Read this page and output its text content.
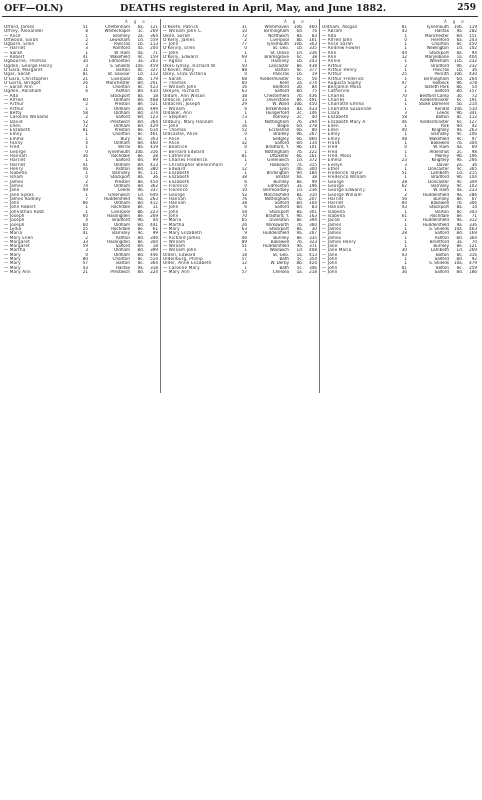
OFF—OLN)	DEATHS registered in April, May, and June 1882.	259
Age.
Offord, James	51	Cheltenham	6a.	121
Offrey, Alexander	8	Whitechapel	1c.	269
— Alice	1	Bromley	2a.	364
Offwood, Sarah	2	Lewisham	1d.	559
Ogborn, Ellen	2	Pancras	1b.	113
— Harriet	3	Romford	4a.	204
— Sarah	1	W. Ham	4a.	71
— Robert	41	Wakefield	9c.	159
Ogbourne, Thomas	30	Edmonton	3a.	203
Ogden, George Henry	3	S. Shields	10a.	459
O'Gara, Margaret	31	Barton	8c.	327
Ogar, Sarah	81	St. Saviour	1d.	112
O'Gara, Christopher	21	Liverpool	8b.	179
O'Garra, Bridget	26	Manchester	8d.	201
— Sarah Ann	1	Chorlton	8c.	423
Ogden, Abraham	6	Ashton	8d.	410
— Ada	Stockport	8a.	18
— Alfred	60	Oldham	8d.	468
— Arthur	2	Preston	8e.	521
— Arthur	1	Oldham	8d.	499
— Betty	58	Oldham	8d.	374
— Caroline Williams	2	Salford	8d.	123
— David	52	Prestwich	8d.	364
— Ellen	72	Oldham	8d.	429
— Elizabeth	81	Preston	8e.	614
— Emily	1	Chorlton	8c.	461
— Emma	1	Bury	8c.	303
— Fanny	4	Oldham	8d.	460
— Fred	1	Wirral	8a.	419
— George	0	Tynemouth	10b.	316
— Hannah	36	Rochdale	8e.	28
— Harriet	1	Salford	8d.	99
— Harriet	41	Oldham	8d.	413
— Henry	46	Ashton	8d.	380
— Isabella	1	Barnsley	9c.	111
— Isham	0	Stockport	8a.	36
— James	2	Preston	8e.	454
— James	74	Oldham	8d.	362
— Jane	49	Leeds	9b.	337
— Jane Sykes	1	Greenwich	1d.	649
— James Rodney	7	Huddersfield	9a.	263
— John	86	Oldham	8d.	412
— John Robert	1	Rochdale	8e.	11
— Johnathan Robt.	1	Liverpool	8b.	223
— Joseph	60	Haslingden	8e.	269
— Joseph	4	Bradford	9b.	44
— Joseph	60	Oldham	8d.	441
— Lydia	25	Rochdale	8e.	61
— Maria	41	Barnsley	9c.	99
— Mary Ellen	2	Ashton	8d.	346
— Margaret	33	Haslingden	8e.	304
— Margaret	59	Salford	8d.	18
— Martha	3	Oldham	8d.	399
— Mary	0	Oldham	8d.	446
— Mary	80	Chorlton	8c.	514
— Mary	57	Barton	8c.	364
— Mary	43	Halifax	9a.	318
— Mary Ann	21	Prestwich	8d.	224
Age.
O'Keefe, Patrick	31	Whitehaven	10b.	460
— William John C.	10	Birmingham	6d.	76
Okell, Sarah	72	Northwich	8a.	83
O'Kelly, James	2	Liverpool	8b.	161
— John	77	Tynemouth	10b.	303
O'Kenny, Ellen	0	St. Geo.	1b.	335
— John	1	St. Olave	1d.	236
O'Kelly, Edward	69	Bromsgrove	6c.	38
— Agnes	1	Hackney	1b.	243
Okes-Tymay, Richard W.	50	Lancaster	8e.	438
O'Kever, Mary	88	Barton	8c.	377
Okey, Eliza Victoria	0	Pancras	1b.	19
— Sarah	68	Kidderminster	6c.	56
— Thomas	60	Kent	2a.	274
— William John	16	Bedford	3b.	84
Okeyes, Richard	63	Salford	8d.	75
Oldam, Ann Wilson	38	Chesterfield	7b.	436
Oldacre, John	33	Ulverstone	8e.	491
Oldacres, Joseph	29	W. Ward	10b.	450
— William	6	Birkenhead	8a.	433
Oldaker, Ann	1	Hungerford	2c.	146
— Stephen	73	Romsey	2c.	40
Oldbury, Mary Hannah	1	Nottingham	7b.	294
— John	16	Bogle	6d.	278
— Thomas	52	Eccleshall	6b.	80
Oldcastle, Alice	0	Bradley	9b.	267
— Alice	1	Sedgley	6b.	860
— Alice	32	Salford	8d.	134
— Beatrice	0	Bradford, Y.	9b.	101
— Bernard Edward	1	Nottingham	7b.	222
— Catherine	81	Uttoxeter	6b.	161
— Charles Frederick	1	Greenwich	1d.	372
— Christopher Blenkinhorn	7	Holbeach	7a.	315
— Edward	12	Lynn	4b.	300
— Elizabeth	1	Bridlington	9d.	184
— Elizabeth	38	Bristol	6a.	38
— Elizabeth	6	Burnley	8e.	99
— Florence	0	Edmonton	3a.	196
— Florence	10	Bermondsey	1d.	236
— George	52	Macclesfield	8a.	310
— Hannah	76	Nottingham	7b.	207
— Hannah	38	Salford	8d.	104
— John	6	Salford	8d.	83
— John	58	Stockport	8a.	301
— John	70	Bradford, Y.	9b.	163
— Maria	65	Ulverston	8e.	394
— Martha	26	Wirksworth	7b.	360
— Mary	63	Stockport	8a.	30
— Mary Elizabeth	9	Huddersfield	9a.	267
— Richard James	46	Burnley	8e.	335
— William	89	Bakewell	7b.	323
— William	51	Huddersfield	9a.	371
— William John	1	Woolwich	1d.	408
Olden, Edward	18	St. Geo.	1a.	413
Oldenburg, Phillip	57	Bath	5c.	354
Older, Anne Elizabeth	12	W. Derby	8b.	424
— Caroline Mary	1	Bath	5c.	346
— Mary Ann	57	Chelsea	1a.	218
Age.
Oldham, Abigail	81	Tynemouth	10b.	119
— Abram	43	Halifax	9a.	282
— Ada	1	Manchester	8d.	151
— Alfred John	0	Hereford	6a.	243
— Alice Sarah	1	Chorlton	8c.	450
— Andrew Fowler	1	Newington	1d.	102
— Ann	44	Stockport	8a.	94
— Ann	12	Marylebone	1a.	404
— Annie	1	Wrexham	11b.	232
— Arthur	2	Bradford	9b.	232
— Arthur Henry	1	Pancras	1b.	36
— Arthur	25	Penrith	10b.	430
— Arthur Frederick	1	Birmingham	6d.	264
— Augusta Sophy	47	Holbeck	9b.	378
— Benjamin Moss	2	Toxteth Park	8b.	54
— Catherine	1	Salford	8d.	157
— Charles	70	Bedford Camp	3b.	72
— Charles	1	Kidderminster	6c.	191
— Charlotte Emma	1	Stoke Damerel	5b.	214
— Charlotte Susannah	1	Kendal	10b.	510
— Clara	3	Leeds	9b.	341
— Elizabeth	58	Bolton	8c.	112
— Elizabeth Mary A.	46	Kidderminster	6c.	127
— Ellen	1	York	9d.	42
— Ellen	40	Keighley	9a.	263
— Emily	1	Barnsley	9c.	106
— Emily	48	Wakefield	9c.	97
— Frank	1	Bakewell	7b.	304
— Fred	0	W. Ham	4a.	69
— Fred	1	Aldershot	2c.	98
— Fred. Moss	1	Morley	9b.	196
— Emma	23	Keighley	9a.	266
— Evelyn	3	Dover	2a.	36
— Ethel	1	Doncaster	9c.	365
— Frederick Taylor	51	Lambeth	1d.	215
— Frederick William	1	Bradford	9b.	104
— George	28	Doncaster	9c.	349
— George	62	Barnsley	9c.	102
— George Edward J.	1	W. Ham	4a.	233
— George William	2	Huddersfield	9a.	286
— Harriet	56	Burnley	8e.	67
— Harriet	84	Bakewell	7b.	306
— Hannah	43	Stockport	8a.	14
— Isabella	1	Barton	8c.	343
— Isabella	61	Rochdale	8e.	71
— Jacob	1	Huddersfield	9a.	312
— James	1	Huddersfield	9a.	336
— James	1	S. Shields	10a.	463
— James	28	Salford	8d.	169
— James	1	Ashton	8d.	364
— James Henry	1	Brentford	3a.	70
— Jane	1	Burnley	8e.	121
— Jane Maria	30	Lambeth	1d.	269
— Jane	43	Bolton	8c.	316
— John	1	Salford	8d.	92
— John	1	S. Shields	10a.	479
— John	81	Bolton	8c.	259
— John	36	Salford	8d.	186
